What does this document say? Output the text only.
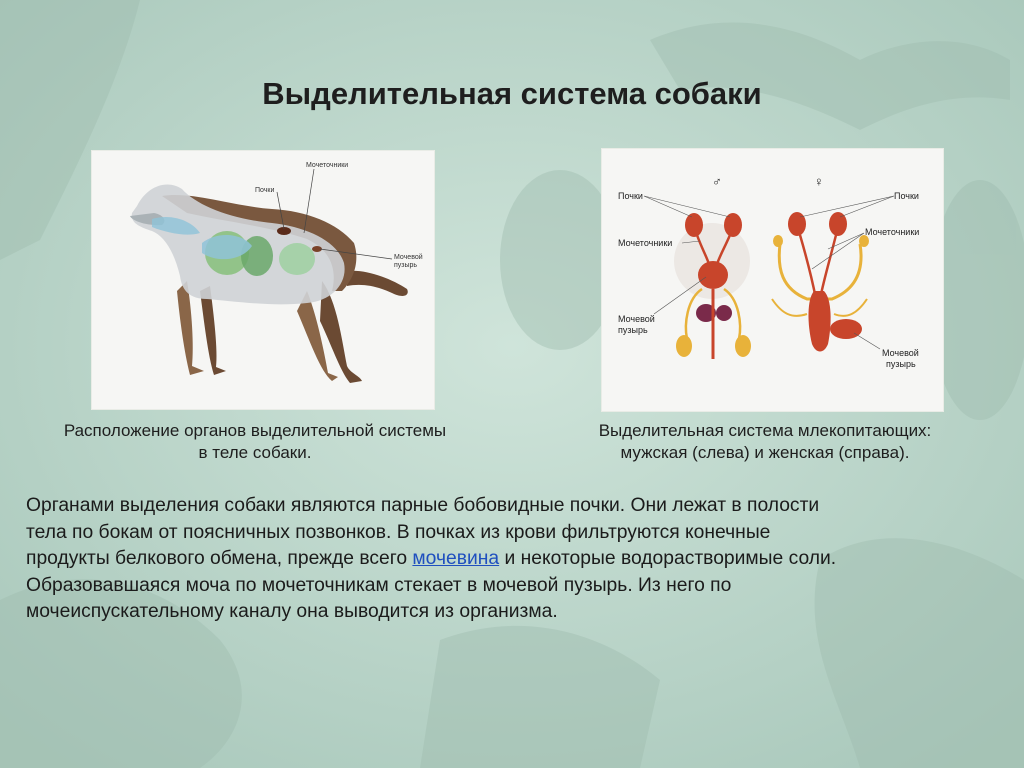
Выделительная система собаки
Мочеточники
Почки
Мочевой
пузырь
♂	♀
Почки	Почки
Мочеточники
Мочеточники
Мочевой
пузырь
Мочевой
пузырь
Расположение органов выделительной системы
в теле собаки.
Выделительная система млекопитающих:
мужская (слева) и женская (справа).
Органами выделения собаки являются парные бобовидные почки. Они лежат в полости
тела по бокам от поясничных позвонков. В почках из крови фильтруются конечные
продукты белкового обмена, прежде всего мочевина и некоторые водорастворимые соли.
Образовавшаяся моча по мочеточникам стекает в мочевой пузырь. Из него по
мочеиспускательному каналу она выводится из организма.
